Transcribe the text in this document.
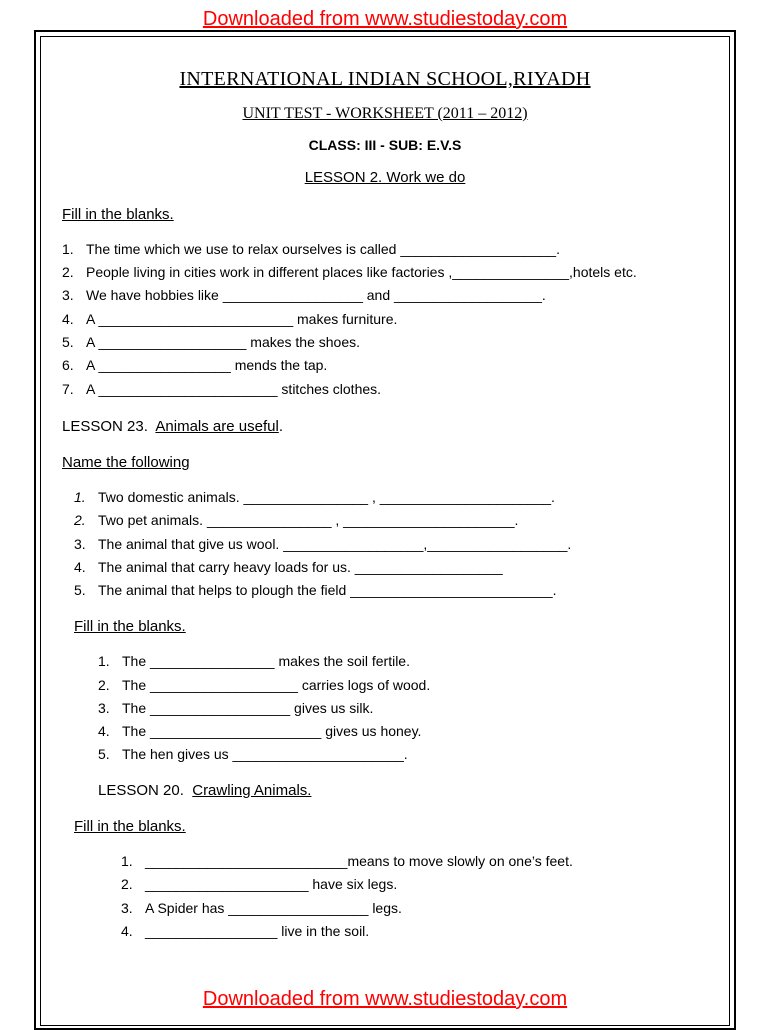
Downloaded from www.studiestoday.com
INTERNATIONAL INDIAN SCHOOL,RIYADH
UNIT TEST - WORKSHEET (2011 – 2012)
CLASS: III - SUB: E.V.S
LESSON 2. Work we do
Fill in the blanks.
1. The time which we use to relax ourselves is called ____________________.
2. People living in cities work in different places like factories ,_______________,hotels etc.
3. We have hobbies like __________________ and ___________________.
4. A _________________________ makes furniture.
5. A ___________________ makes the shoes.
6. A _________________ mends the tap.
7. A _______________________ stitches clothes.
LESSON 23. Animals are useful.
Name the following
1. Two domestic animals. ________________ , ______________________.
2. Two pet animals. ________________ , ______________________.
3. The animal that give us wool. __________________,__________________.
4. The animal that carry heavy loads for us. ___________________
5. The animal that helps to plough the field __________________________.
Fill in the blanks.
1. The ________________ makes the soil fertile.
2. The ___________________ carries logs of wood.
3. The __________________ gives us silk.
4. The ______________________ gives us honey.
5. The hen gives us ______________________.
LESSON 20. Crawling Animals.
Fill in the blanks.
1. __________________________means to move slowly on one’s feet.
2. _____________________ have six legs.
3. A Spider has __________________ legs.
4. _________________ live in the soil.
Downloaded from www.studiestoday.com
